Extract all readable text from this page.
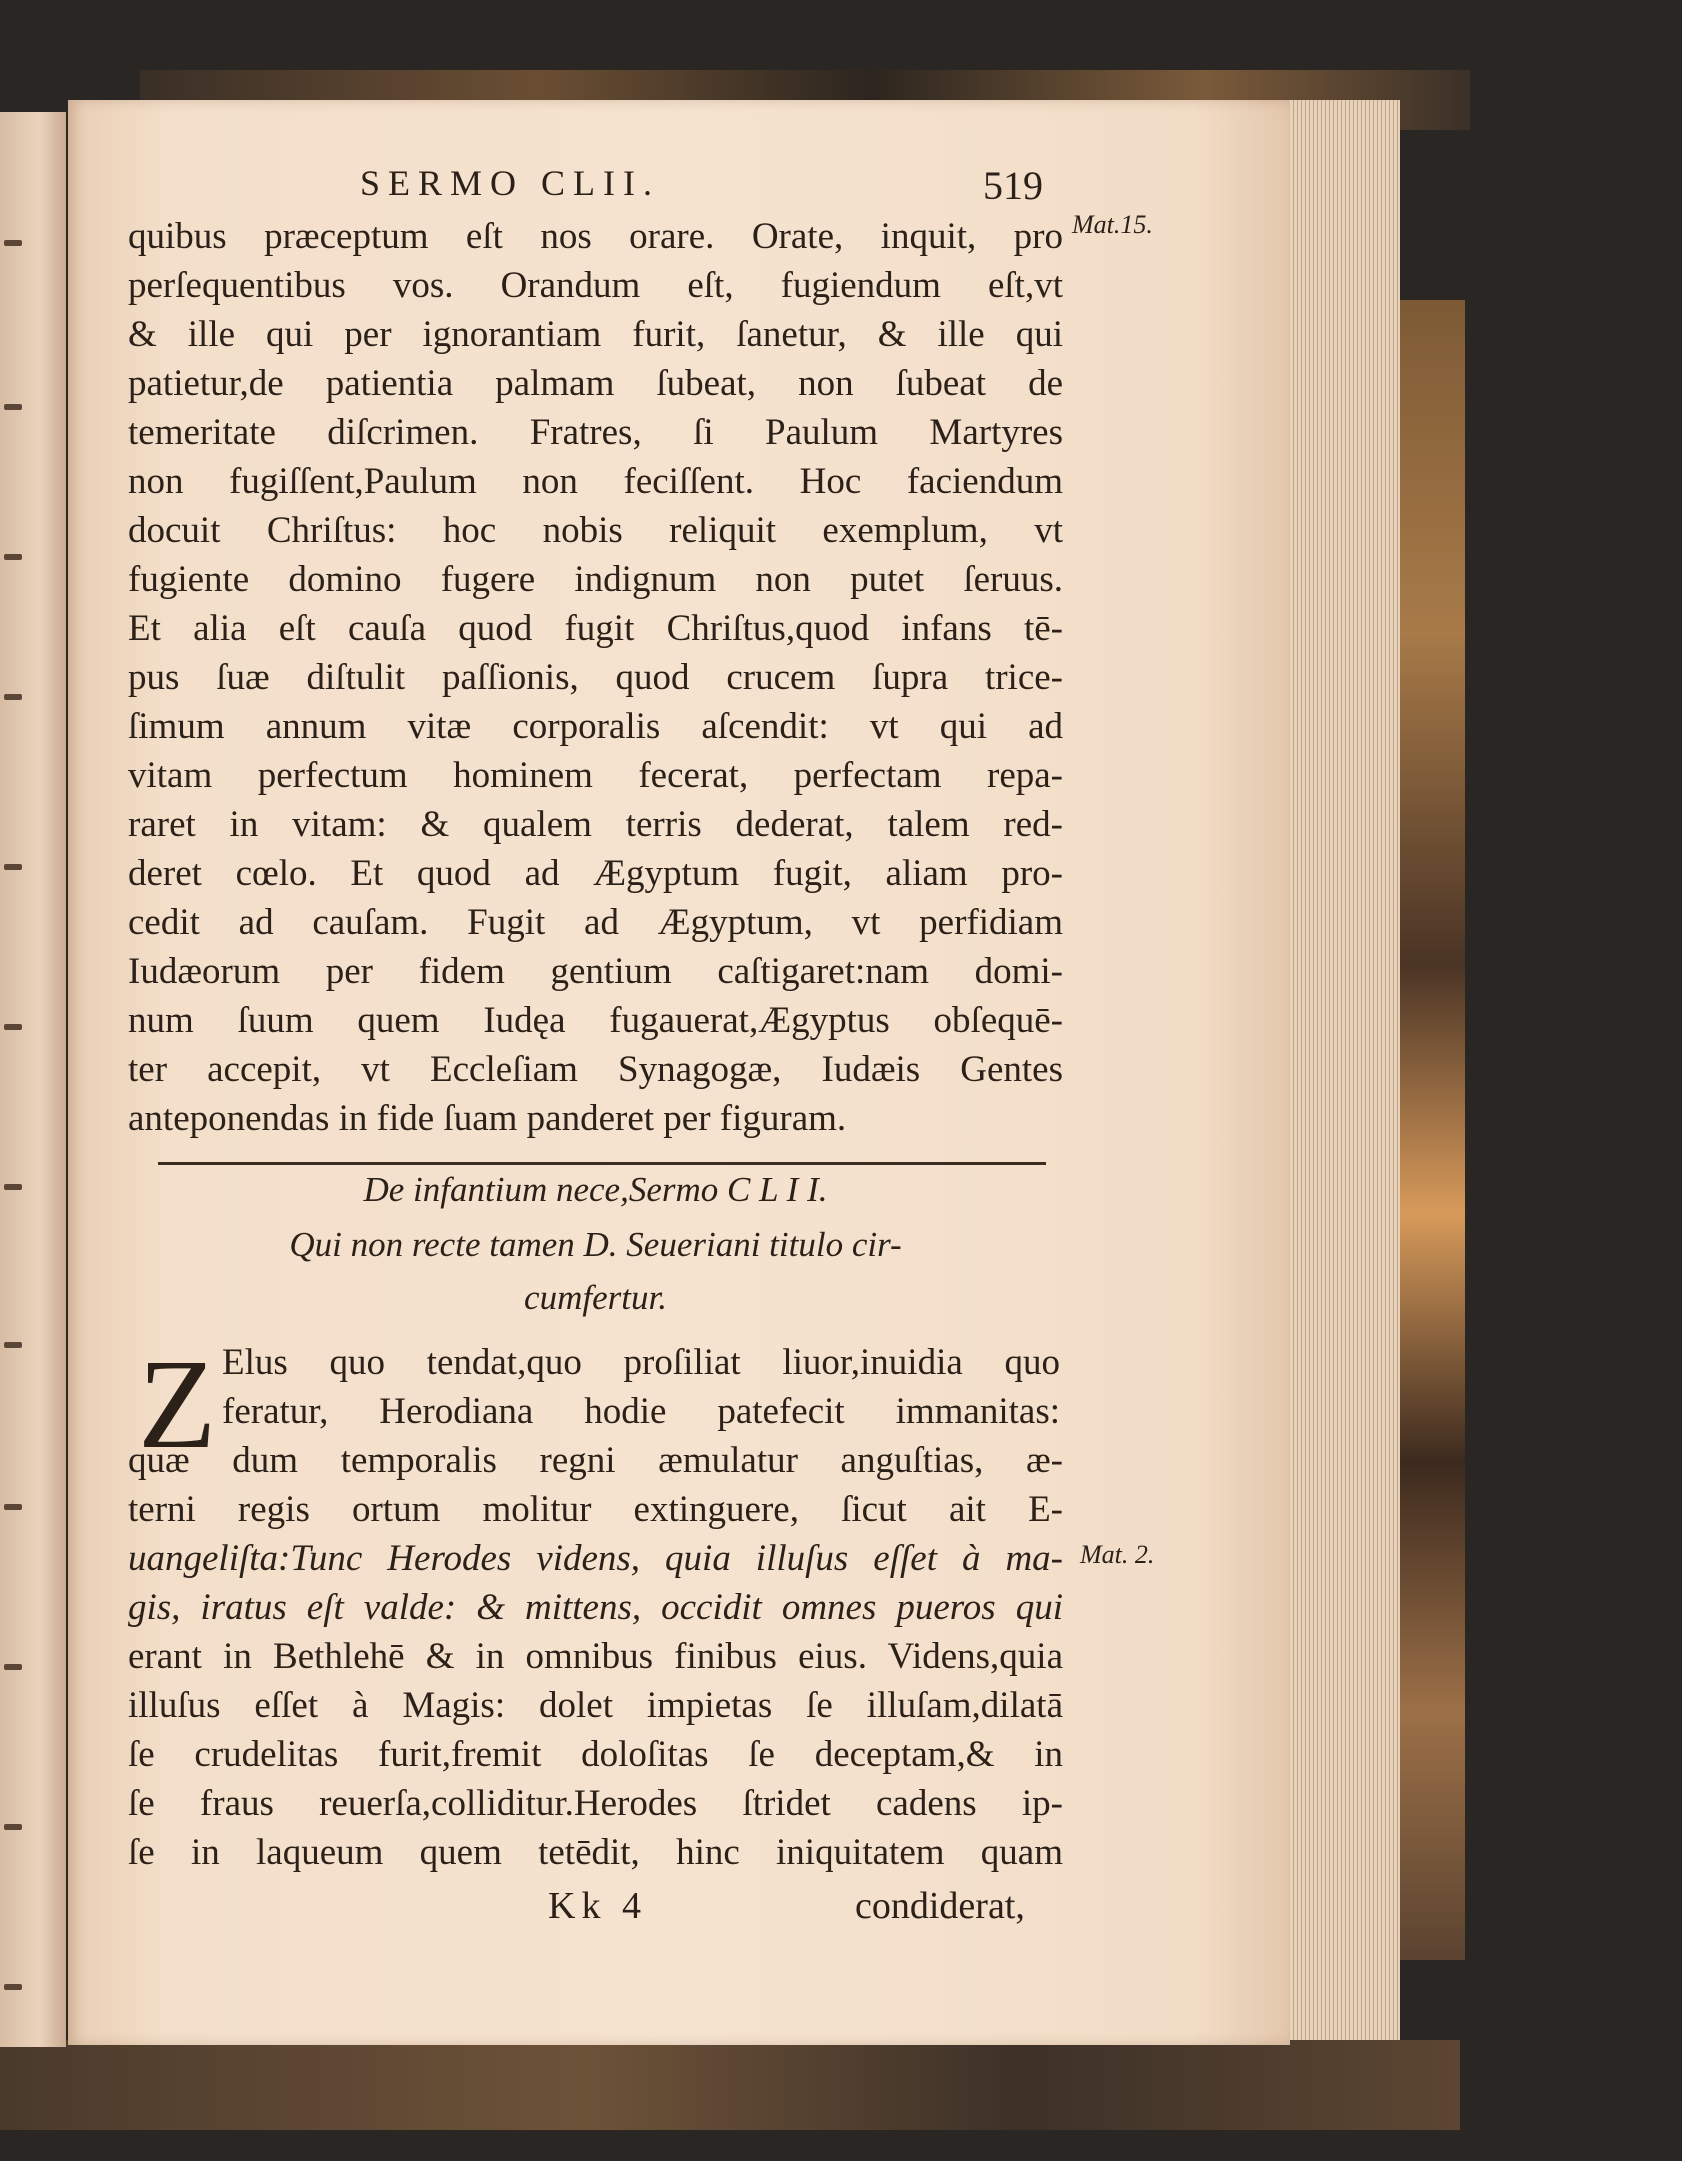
SERMO CLII.	519
Mat.15.
Mat. 2.
quibus præceptum eſt nos orare. Orate, inquit, pro
perſequentibus vos. Orandum eſt, fugiendum eſt,vt
& ille qui per ignorantiam furit, ſanetur, & ille qui
patietur,de patientia palmam ſubeat, non ſubeat de
temeritate diſcrimen. Fratres, ſi Paulum Martyres
non fugiſſent,Paulum non feciſſent. Hoc faciendum
docuit Chriſtus: hoc nobis reliquit exemplum, vt
fugiente domino fugere indignum non putet ſeruus.
Et alia eſt cauſa quod fugit Chriſtus,quod infans tē-
pus ſuæ diſtulit paſſionis, quod crucem ſupra trice-
ſimum annum vitæ corporalis aſcendit: vt qui ad
vitam perfectum hominem fecerat, perfectam repa-
raret in vitam: & qualem terris dederat, talem red-
deret cœlo. Et quod ad Ægyptum fugit, aliam pro-
cedit ad cauſam. Fugit ad Ægyptum, vt perfidiam
Iudæorum per fidem gentium caſtigaret:nam domi-
num ſuum quem Iudęa fugauerat,Ægyptus obſequē-
ter accepit, vt Eccleſiam Synagogæ, Iudæis Gentes
anteponendas in fide ſuam panderet per figuram.
De infantium nece,Sermo C L I I.
Qui non recte tamen D. Seueriani titulo cir-
cumfertur.
Z Elus quo tendat,quo proſiliat liuor,inuidia quo
feratur, Herodiana hodie patefecit immanitas:
quæ dum temporalis regni æmulatur anguſtias, æ-
terni regis ortum molitur extinguere, ſicut ait E-
uangeliſta:Tunc Herodes videns, quia illuſus eſſet à ma-
gis, iratus eſt valde: & mittens, occidit omnes pueros qui
erant in Bethlehē & in omnibus finibus eius. Videns,quia
illuſus eſſet à Magis: dolet impietas ſe illuſam,dilatā
ſe crudelitas furit,fremit doloſitas ſe deceptam,& in
ſe fraus reuerſa,colliditur.Herodes ſtridet cadens ip-
ſe in laqueum quem tetēdit, hinc iniquitatem quam
Kk 4	condiderat,
